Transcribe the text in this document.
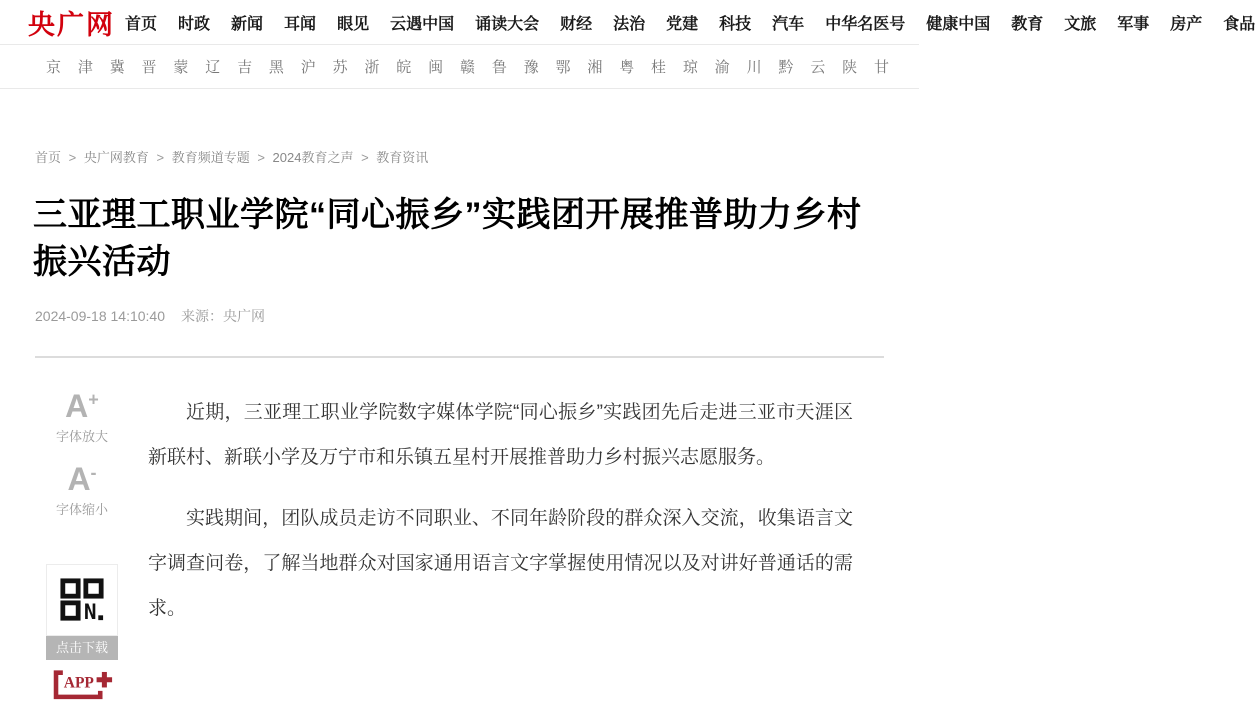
央广网 首页 时政 新闻 耳闻 眼见 云遇中国 诵读大会 财经 法治 党建 科技 汽车 中华名医号 健康中国 教育 文旅 军事 房产 食品
京 津 冀 晋 蒙 辽 吉 黑 沪 苏 浙 皖 闽 赣 鲁 豫 鄂 湘 粤 桂 琼 渝 川 黔 云 陕 甘
首页 > 央广网教育 > 教育频道专题 > 2024教育之声 > 教育资讯
三亚理工职业学院“同心振乡”实践团开展推普助力乡村振兴活动
2024-09-18 14:10:40 来源：央广网
A+
字体放大
A-
字体缩小
N
点击下载
APP

近期，三亚理工职业学院数字媒体学院“同心振乡”实践团先后走进三亚市天涯区新联村、新联小学及万宁市和乐镇五星村开展推普助力乡村振兴志愿服务。

实践期间，团队成员走访不同职业、不同年龄阶段的群众深入交流，收集语言文字调查问卷，了解当地群众对国家通用语言文字掌握使用情况以及对讲好普通话的需求。
